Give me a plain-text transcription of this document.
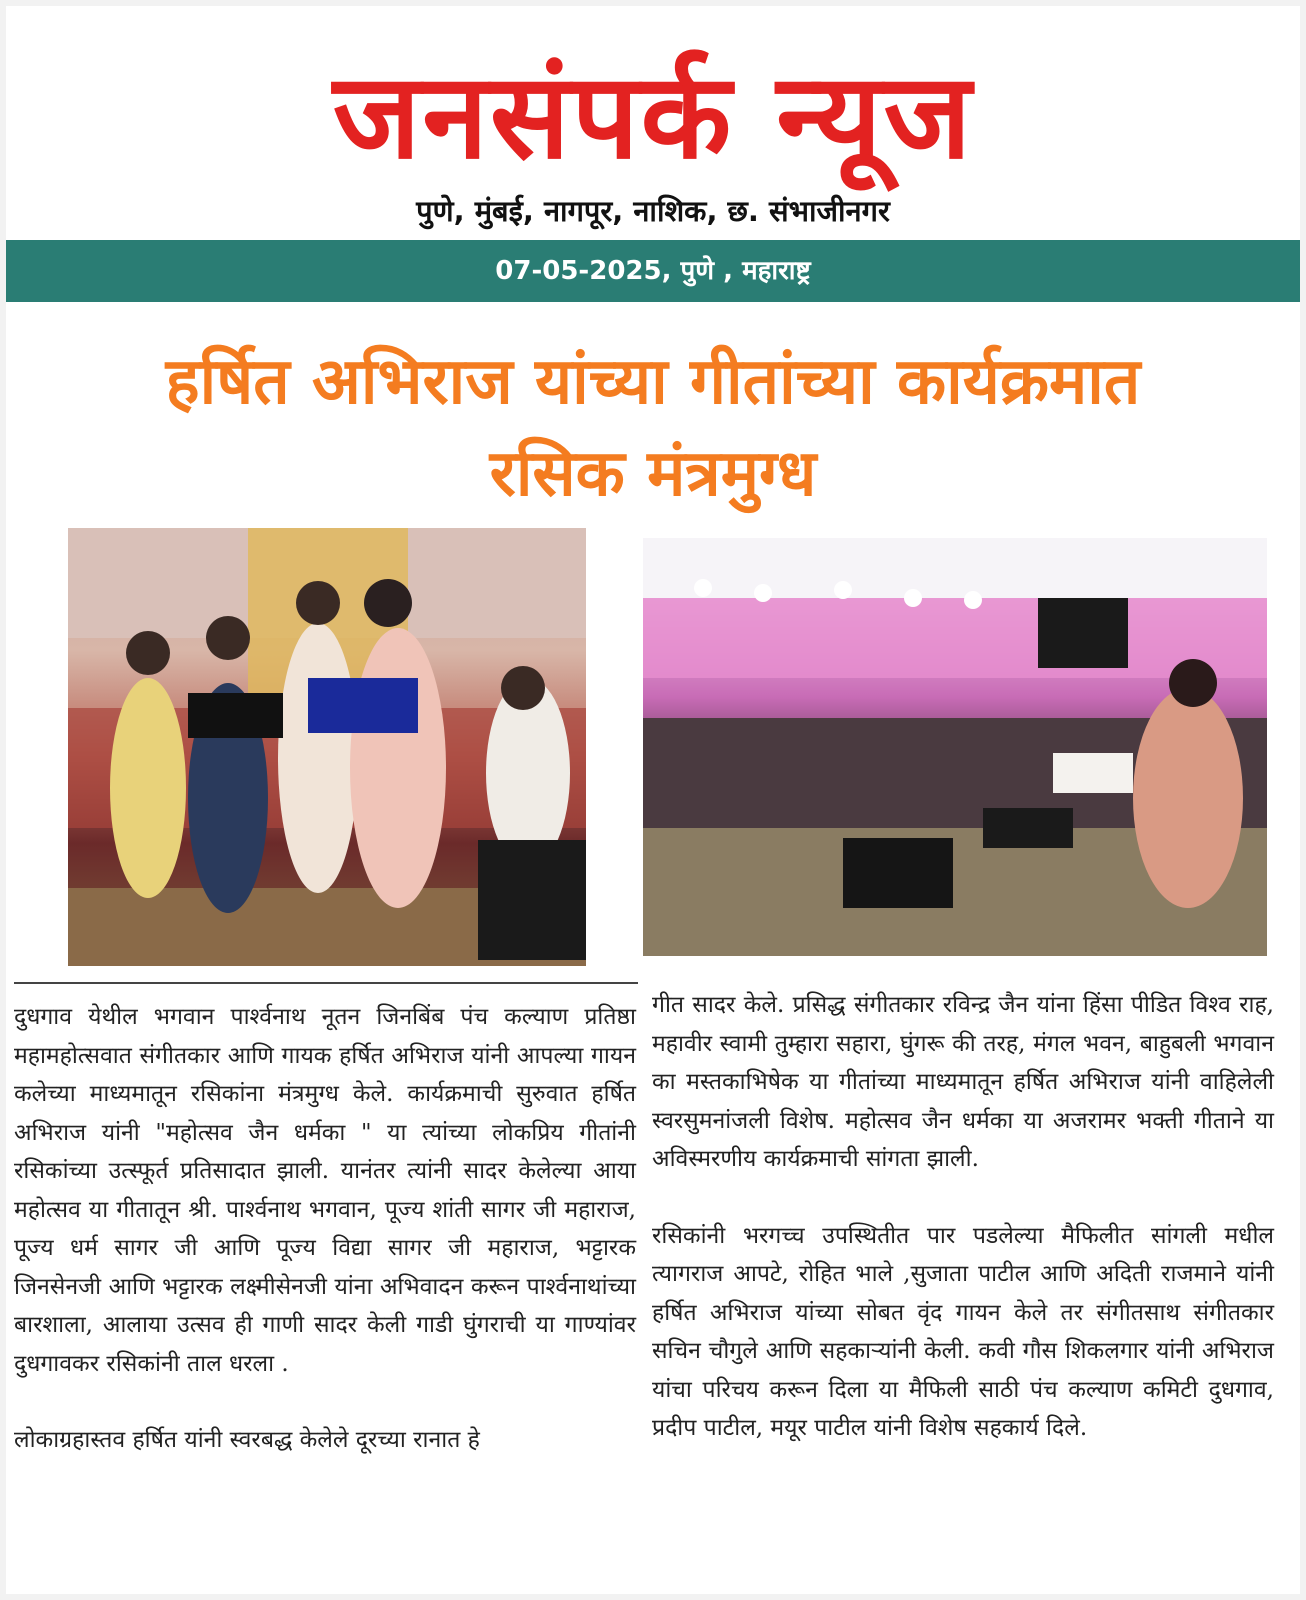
जनसंपर्क न्यूज
पुणे, मुंबई, नागपूर, नाशिक, छ. संभाजीनगर
07-05-2025, पुणे , महाराष्ट्र
हर्षित अभिराज यांच्या गीतांच्या कार्यक्रमात
रसिक मंत्रमुग्ध

दुधगाव येथील भगवान पार्श्वनाथ नूतन जिनबिंब पंच कल्याण प्रतिष्ठा महामहोत्सवात संगीतकार आणि गायक हर्षित अभिराज यांनी आपल्या गायन कलेच्या माध्यमातून रसिकांना मंत्रमुग्ध केले. कार्यक्रमाची सुरुवात हर्षित अभिराज यांनी "महोत्सव जैन धर्मका " या त्यांच्या लोकप्रिय गीतांनी रसिकांच्या उत्स्फूर्त प्रतिसादात झाली. यानंतर त्यांनी सादर केलेल्या आया महोत्सव या गीतातून श्री. पार्श्वनाथ भगवान, पूज्य शांती सागर जी महाराज, पूज्य धर्म सागर जी आणि पूज्य विद्या सागर जी महाराज, भट्टारक जिनसेनजी आणि भट्टारक लक्ष्मीसेनजी यांना अभिवादन करून पार्श्वनाथांच्या बारशाला, आलाया उत्सव ही गाणी सादर केली गाडी घुंगराची या गाण्यांवर दुधगावकर रसिकांनी ताल धरला .

लोकाग्रहास्तव हर्षित यांनी स्वरबद्ध केलेले दूरच्या रानात हे

गीत सादर केले. प्रसिद्ध संगीतकार रविन्द्र जैन यांना हिंसा पीडित विश्व राह, महावीर स्वामी तुम्हारा सहारा, घुंगरू की तरह, मंगल भवन, बाहुबली भगवान का मस्तकाभिषेक या गीतांच्या माध्यमातून हर्षित अभिराज यांनी वाहिलेली स्वरसुमनांजली विशेष. महोत्सव जैन धर्मका या अजरामर भक्ती गीताने या अविस्मरणीय कार्यक्रमाची सांगता झाली.

रसिकांनी भरगच्च उपस्थितीत पार पडलेल्या मैफिलीत सांगली मधील त्यागराज आपटे, रोहित भाले ,सुजाता पाटील आणि अदिती राजमाने यांनी हर्षित अभिराज यांच्या सोबत वृंद गायन केले तर संगीतसाथ संगीतकार सचिन चौगुले आणि सहकाऱ्यांनी केली. कवी गौस शिकलगार यांनी अभिराज यांचा परिचय करून दिला या मैफिली साठी पंच कल्याण कमिटी दुधगाव, प्रदीप पाटील, मयूर पाटील यांनी विशेष सहकार्य दिले.
